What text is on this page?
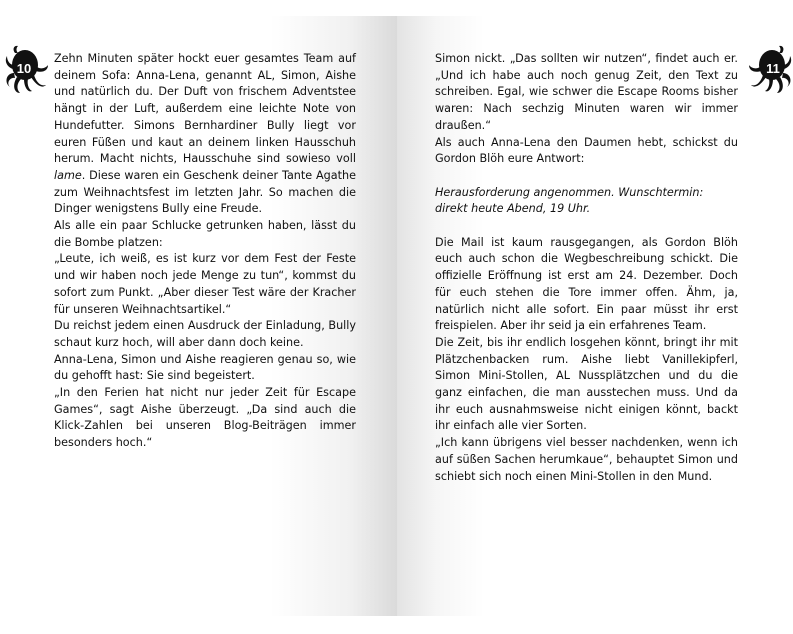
10

Zehn Minuten später hockt euer gesamtes Team auf deinem Sofa: Anna-Lena, genannt AL, Simon, Aishe und natürlich du. Der Duft von frischem Adventstee hängt in der Luft, außerdem eine leichte Note von Hundefutter. Simons Bernhardiner Bully liegt vor euren Füßen und kaut an deinem linken Hausschuh herum. Macht nichts, Hausschuhe sind sowieso voll lame. Diese waren ein Geschenk deiner Tante Agathe zum Weihnachtsfest im letzten Jahr. So machen die Dinger wenigstens Bully eine Freude.

Als alle ein paar Schlucke getrunken haben, lässt du die Bombe platzen:

„Leute, ich weiß, es ist kurz vor dem Fest der Feste und wir haben noch jede Menge zu tun“, kommst du sofort zum Punkt. „Aber dieser Test wäre der Kracher für unseren Weihnachtsartikel.“

Du reichst jedem einen Ausdruck der Einladung, Bully schaut kurz hoch, will aber dann doch keine.

Anna-Lena, Simon und Aishe reagieren genau so, wie du gehofft hast: Sie sind begeistert.

„In den Ferien hat nicht nur jeder Zeit für Escape Games“, sagt Aishe überzeugt. „Da sind auch die Klick-Zahlen bei unseren Blog-Beiträgen immer besonders hoch.“

11

Simon nickt. „Das sollten wir nutzen“, findet auch er. „Und ich habe auch noch genug Zeit, den Text zu schreiben. Egal, wie schwer die Escape Rooms bisher waren: Nach sechzig Minuten waren wir immer draußen.“

Als auch Anna-Lena den Daumen hebt, schickst du Gordon Blöh eure Antwort:

Herausforderung angenommen. Wunschtermin:

direkt heute Abend, 19 Uhr.

Die Mail ist kaum rausgegangen, als Gordon Blöh euch auch schon die Wegbeschreibung schickt. Die offizielle Eröffnung ist erst am 24. Dezember. Doch für euch stehen die Tore immer offen. Ähm, ja, natürlich nicht alle sofort. Ein paar müsst ihr erst freispielen. Aber ihr seid ja ein erfahrenes Team.

Die Zeit, bis ihr endlich losgehen könnt, bringt ihr mit Plätzchenbacken rum. Aishe liebt Vanillekipferl, Simon Mini-Stollen, AL Nussplätzchen und du die ganz einfachen, die man ausstechen muss. Und da ihr euch ausnahmsweise nicht einigen könnt, backt ihr einfach alle vier Sorten.

„Ich kann übrigens viel besser nachdenken, wenn ich auf süßen Sachen herumkaue“, behauptet Simon und schiebt sich noch einen Mini-Stollen in den Mund.
